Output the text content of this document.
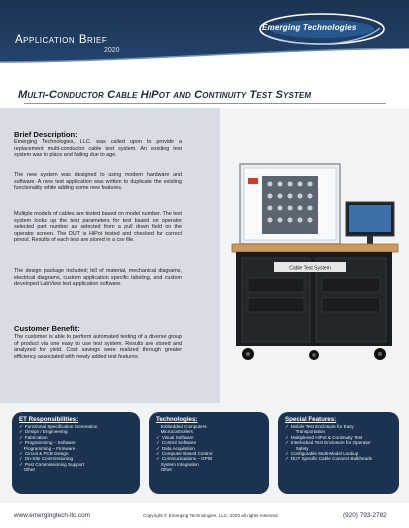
Emerging Technologies
Application Brief
2020
Multi-Conductor Cable HiPot and Continuity Test System
Brief Description:
Emerging Technologies, LLC. was called upon to provide a replacement multi-conductor cable test system. An existing test system was in place and failing due to age.
The new system was designed to using modern hardware and software. A new test application was written to duplicate the existing functionality while adding some new features.
Multiple models of cables are tested based on model number. The test system looks up the test parameters for test based on operator selected part number as selected from a pull down field on the operator screen. The DUT is HiPot tested and checked for correct pinout. Results of each test are stored in a csv file.
The design package included; bill of material, mechanical diagrams, electrical diagrams, custom application specific labeling, and custom developed LabView test application software.
Customer Benefit:
The customer is able to perform automated testing of a diverse group of product via one easy to use test system. Results are stored and analyzed for yield. Cost savings were realized through greater efficiency associated with newly added test features.
Cable Test System
ET Responsibilities:
✓ Functional Specification Generation
✓ Design / Engineering
✓ Fabrication
✓ Programming – Software
Programming – Firmware
✓ Circuit & PCB Design
✓ On-Site Commissioning
✓ Post Commissioning Support
Other
Technologies:
Embedded Computers
Microcontrollers
✓ Visual Software
✓ Control Software
✓ Data Acquisition
✓ Computer Based Control
✓ Communications – GPIB
System Integration
Other
Special Features:
✓ Mobile Test Enclosure for Easy
Transportation
✓ Multiplexed HiPot & Continuity Test
✓ Interlocked Test Enclosure for Operator
Safety
✓ Configurable Multi-Model Lookup
✓ DUT Specific Cable Connect Bulkheads
www.emergingtech-llc.com	Copyright © Emerging Technologies, LLC. 2020 all rights reserved	(920) 793-2782
